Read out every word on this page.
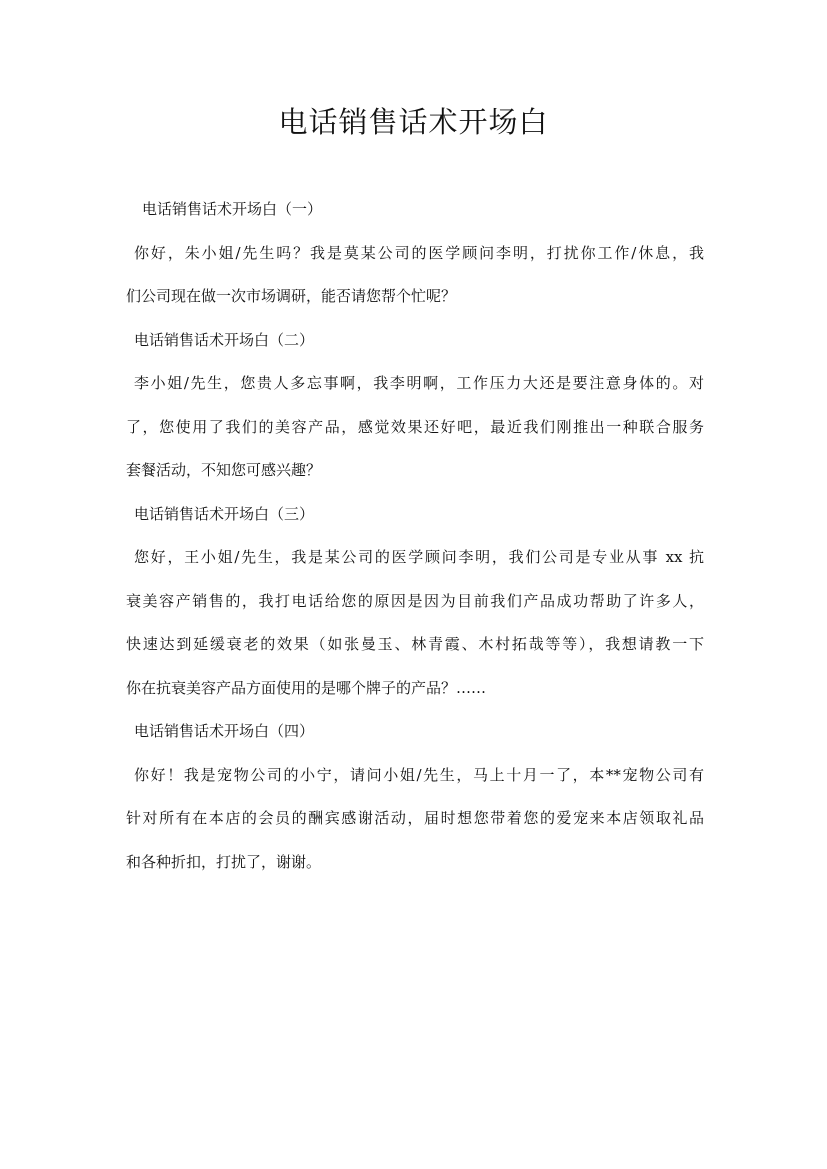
电话销售话术开场白
电话销售话术开场白（一）
你好，朱小姐/先生吗？我是莫某公司的医学顾问李明，打扰你工作/休息，我
们公司现在做一次市场调研，能否请您帮个忙呢？
电话销售话术开场白（二）
李小姐/先生，您贵人多忘事啊，我李明啊，工作压力大还是要注意身体的。对
了，您使用了我们的美容产品，感觉效果还好吧，最近我们刚推出一种联合服务
套餐活动，不知您可感兴趣？
电话销售话术开场白（三）
您好，王小姐/先生，我是某公司的医学顾问李明，我们公司是专业从事 xx 抗
衰美容产销售的，我打电话给您的原因是因为目前我们产品成功帮助了许多人，
快速达到延缓衰老的效果（如张曼玉、林青霞、木村拓哉等等），我想请教一下
你在抗衰美容产品方面使用的是哪个牌子的产品？……
电话销售话术开场白（四）
你好！我是宠物公司的小宁，请问小姐/先生，马上十月一了，本**宠物公司有
针对所有在本店的会员的酬宾感谢活动，届时想您带着您的爱宠来本店领取礼品
和各种折扣，打扰了，谢谢。
